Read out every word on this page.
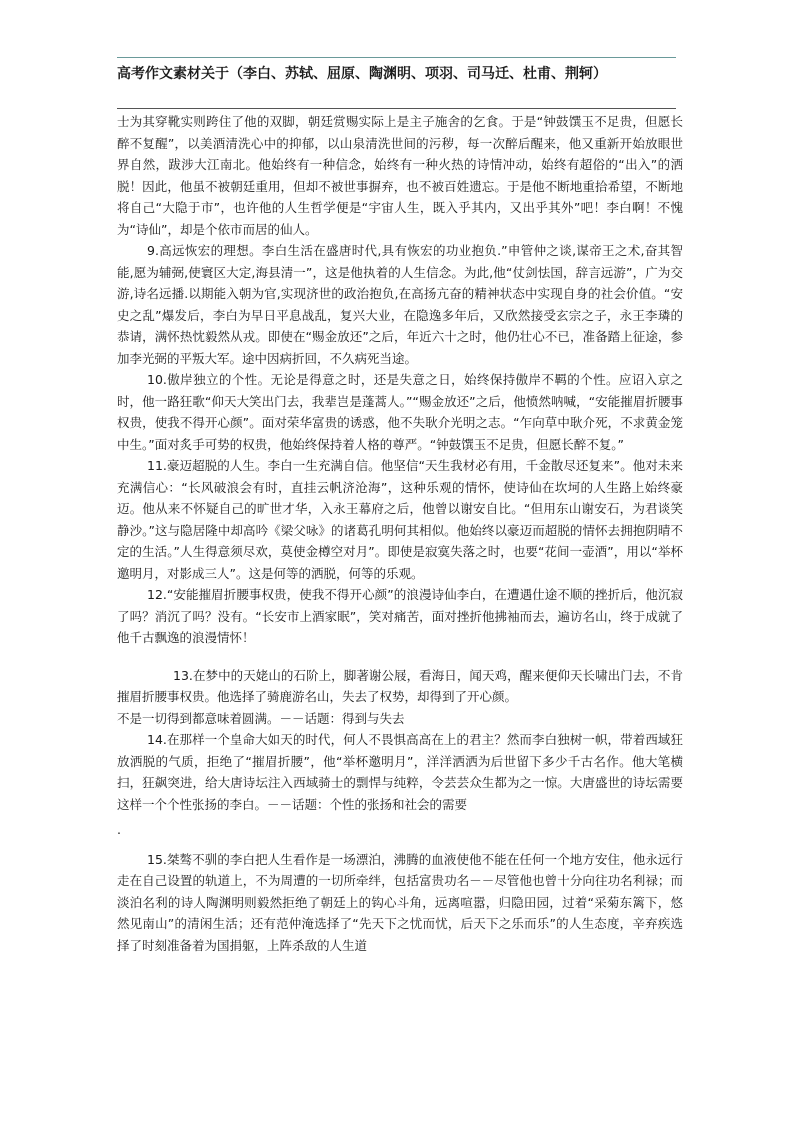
高考作文素材关于（李白、苏轼、屈原、陶渊明、项羽、司马迁、杜甫、荆轲）

士为其穿靴实则跨住了他的双脚，朝廷赏赐实际上是主子施舍的乞食。于是“钟鼓馔玉不足贵，但愿长醉不复醒”，以美酒清洗心中的抑郁，以山泉清洗世间的污秽，每一次醉后醒来，他又重新开始放眼世界自然，跋涉大江南北。他始终有一种信念，始终有一种火热的诗情冲动，始终有超俗的“出入”的洒脱！因此，他虽不被朝廷重用，但却不被世事摒弃，也不被百姓遗忘。于是他不断地重拾希望，不断地将自己“大隐于市”，也许他的人生哲学便是“宇宙人生，既入乎其内，又出乎其外”吧！李白啊！不愧为“诗仙”，却是个依市而居的仙人。

9.高远恢宏的理想。李白生活在盛唐时代,具有恢宏的功业抱负.”申管仲之谈,谋帝王之术,奋其智能,愿为辅弼,使寰区大定,海县清一”，这是他执着的人生信念。为此,他“仗剑怯国，辞言远游”，广为交游,诗名远播.以期能入朝为官,实现济世的政治抱负,在高扬亢奋的精神状态中实现自身的社会价值。“安史之乱”爆发后，李白为早日平息战乱，复兴大业，在隐逸多年后，又欣然接受玄宗之子，永王李璘的恭请，满怀热忱毅然从戎。即使在“赐金放还”之后，年近六十之时，他仍壮心不已，准备踏上征途，参加李光弼的平叛大军。途中因病折回，不久病死当途。

10.傲岸独立的个性。无论是得意之时，还是失意之日，始终保持傲岸不羁的个性。应诏入京之时，他一路狂歌“仰天大笑出门去，我辈岂是蓬蒿人。”“赐金放还”之后，他愤然呐喊，“安能摧眉折腰事权贵，使我不得开心颜”。面对荣华富贵的诱惑，他不失耿介光明之志。“乍向草中耿介死，不求黄金笼中生。”面对炙手可势的权贵，他始终保持着人格的尊严。“钟鼓馔玉不足贵，但愿长醉不复。”

11.豪迈超脱的人生。李白一生充满自信。他坚信“天生我材必有用，千金散尽还复来”。他对未来充满信心：“长风破浪会有时，直挂云帆济沧海”，这种乐观的情怀，使诗仙在坎坷的人生路上始终豪迈。他从来不怀疑自己的旷世才华，入永王幕府之后，他曾以谢安自比。“但用东山谢安石，为君谈笑静沙。”这与隐居隆中却高吟《梁父咏》的诸葛孔明何其相似。他始终以豪迈而超脱的情怀去拥抱阴晴不定的生活。”人生得意须尽欢，莫使金樽空对月”。即使是寂寞失落之时，也要“花间一壶酒”，用以“举杯邀明月，对影成三人”。这是何等的洒脱，何等的乐观。

12.“安能摧眉折腰事权贵，使我不得开心颜”的浪漫诗仙李白，在遭遇仕途不顺的挫折后，他沉寂了吗？消沉了吗？没有。“长安市上酒家眠”，笑对痛苦，面对挫折他拂袖而去，遍访名山，终于成就了他千古飘逸的浪漫情怀！

13.在梦中的天姥山的石阶上，脚著谢公屐，看海日，闻天鸡，醒来便仰天长啸出门去，不肯摧眉折腰事权贵。他选择了骑鹿游名山，失去了权势，却得到了开心颜。

不是一切得到都意味着圆满。－－话题：得到与失去

14.在那样一个皇命大如天的时代，何人不畏惧高高在上的君主？然而李白独树一帜，带着西域狂放洒脱的气质，拒绝了“摧眉折腰”，他“举杯邀明月”，洋洋洒洒为后世留下多少千古名作。他大笔横扫，狂飙突进，给大唐诗坛注入西域骑士的剽悍与纯粹，令芸芸众生都为之一惊。大唐盛世的诗坛需要这样一个个性张扬的李白。－－话题：个性的张扬和社会的需要

.

15.桀骜不驯的李白把人生看作是一场漂泊，沸腾的血液使他不能在任何一个地方安住，他永远行走在自己设置的轨道上，不为周遭的一切所牵绊，包括富贵功名－－尽管他也曾十分向往功名利禄；而淡泊名利的诗人陶渊明则毅然拒绝了朝廷上的钩心斗角，远离喧嚣，归隐田园，过着“采菊东篱下，悠然见南山”的清闲生活；还有范仲淹选择了“先天下之忧而忧，后天下之乐而乐”的人生态度，辛弃疾选择了时刻准备着为国捐躯，上阵杀敌的人生道
